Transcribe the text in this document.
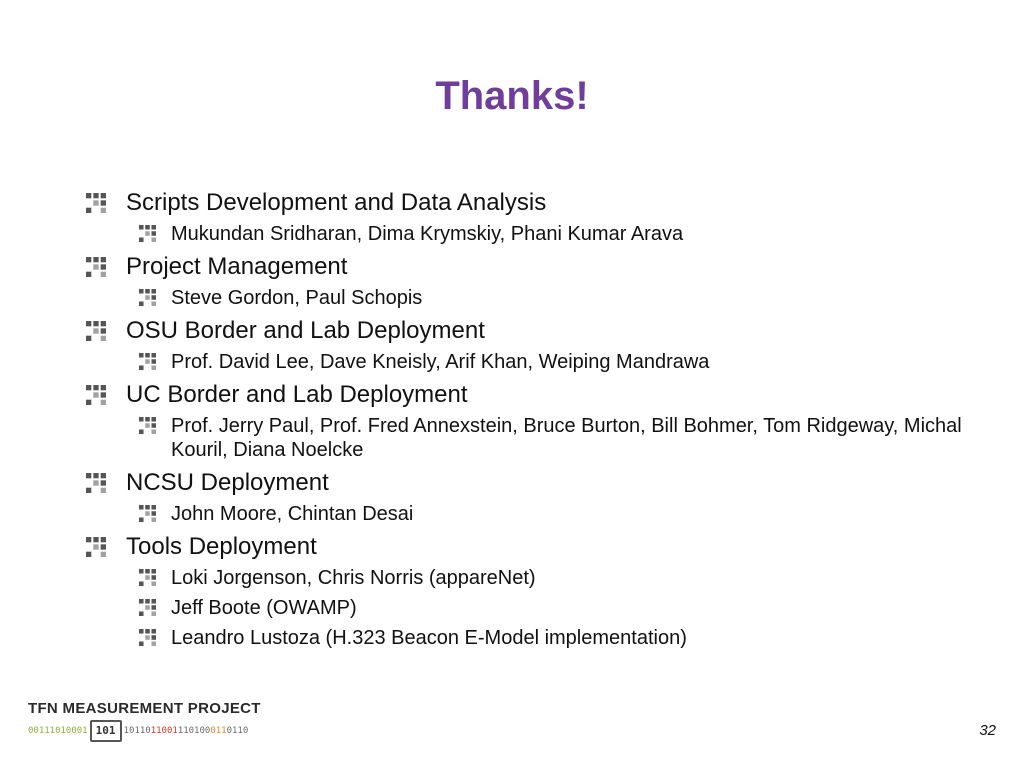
Thanks!
Scripts Development and Data Analysis
Mukundan Sridharan, Dima Krymskiy, Phani Kumar Arava
Project Management
Steve Gordon, Paul Schopis
OSU Border and Lab Deployment
Prof. David Lee, Dave Kneisly, Arif Khan, Weiping Mandrawa
UC Border and Lab Deployment
Prof. Jerry Paul, Prof. Fred Annexstein, Bruce Burton, Bill Bohmer, Tom Ridgeway, Michal Kouril, Diana Noelcke
NCSU Deployment
John Moore, Chintan Desai
Tools Deployment
Loki Jorgenson, Chris Norris (appareNet)
Jeff Boote (OWAMP)
Leandro Lustoza (H.323 Beacon E-Model implementation)
TFN MEASUREMENT PROJECT
00111010001 101 10110 11001 110100 011 0110	32
